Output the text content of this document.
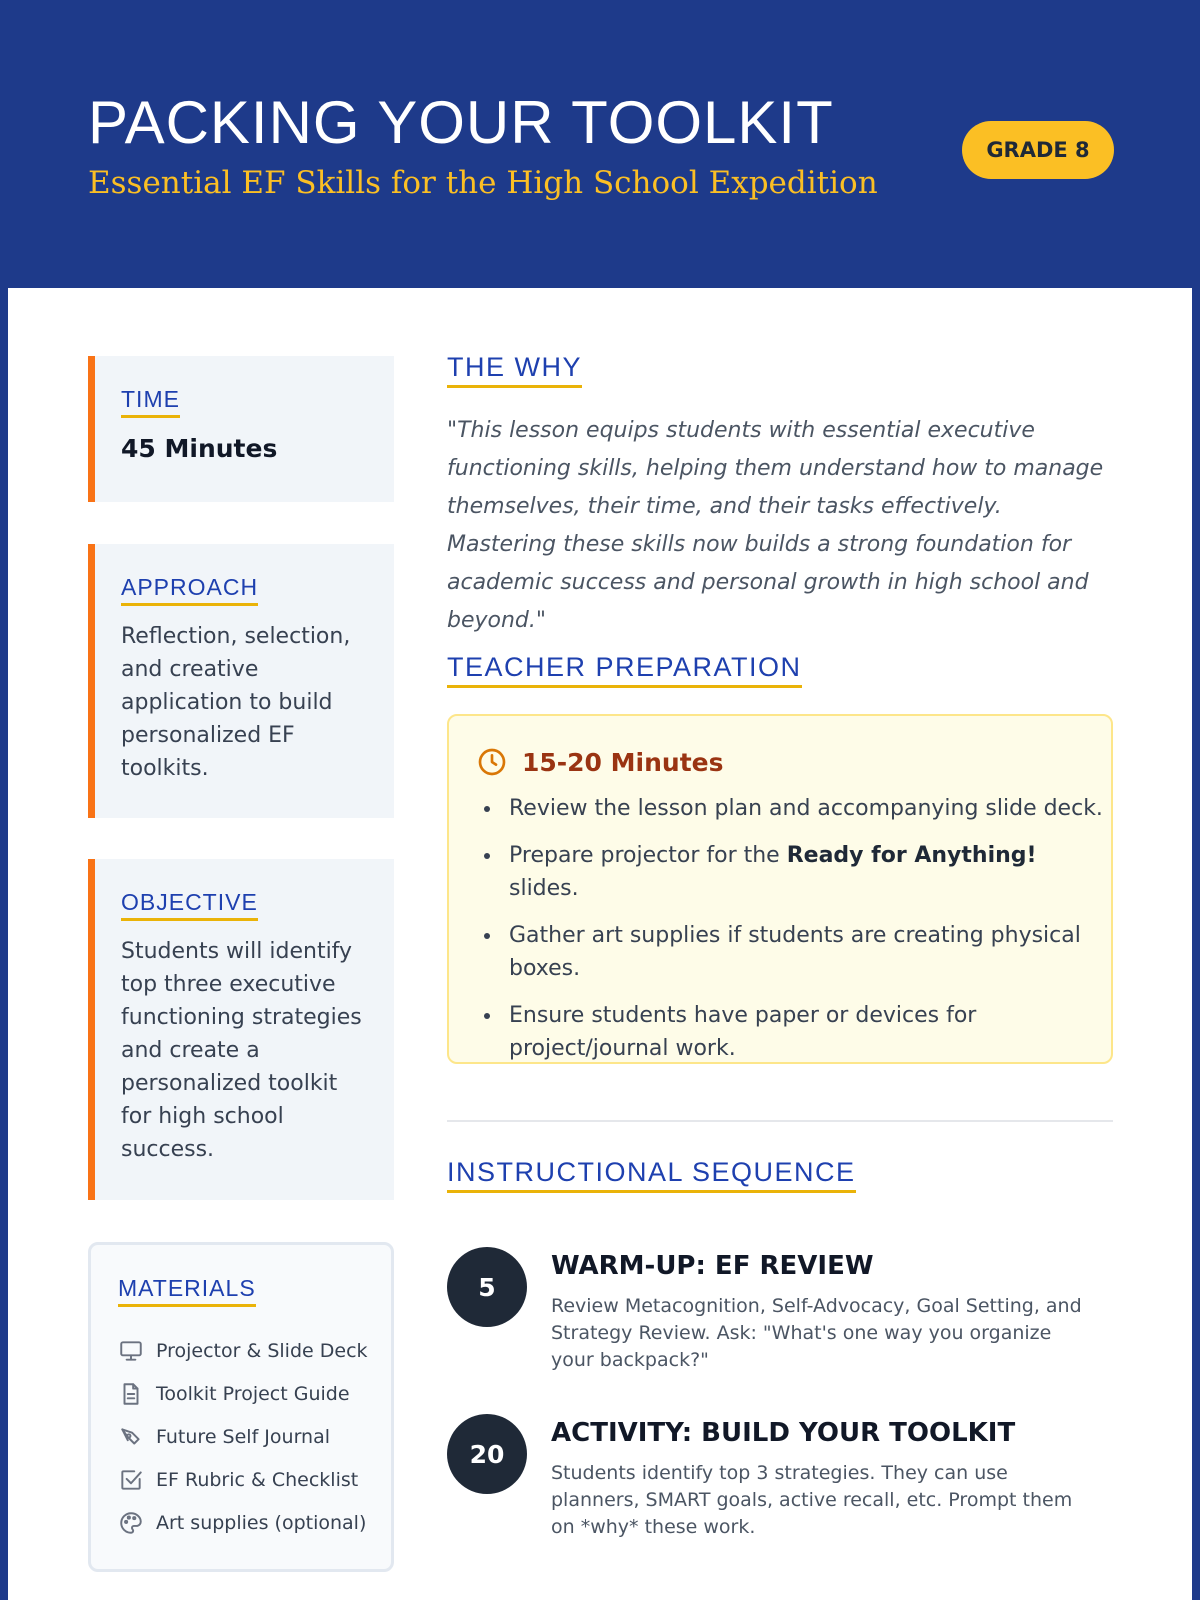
PACKING YOUR TOOLKIT
Essential EF Skills for the High School Expedition
GRADE 8
TIME
45 Minutes
APPROACH
Reflection, selection, and creative application to build personalized EF toolkits.
OBJECTIVE
Students will identify top three executive functioning strategies and create a personalized toolkit for high school success.
MATERIALS
Projector & Slide Deck
Toolkit Project Guide
Future Self Journal
EF Rubric & Checklist
Art supplies (optional)
THE WHY

"This lesson equips students with essential executive functioning skills, helping them understand how to manage themselves, their time, and their tasks effectively. Mastering these skills now builds a strong foundation for academic success and personal growth in high school and beyond."

TEACHER PREPARATION
15-20 Minutes
• Review the lesson plan and accompanying slide deck.
• Prepare projector for the Ready for Anything! slides.
• Gather art supplies if students are creating physical boxes.
• Ensure students have paper or devices for project/journal work.
INSTRUCTIONAL SEQUENCE
5
WARM-UP: EF REVIEW
Review Metacognition, Self-Advocacy, Goal Setting, and Strategy Review. Ask: "What's one way you organize your backpack?"
20
ACTIVITY: BUILD YOUR TOOLKIT
Students identify top 3 strategies. They can use planners, SMART goals, active recall, etc. Prompt them on *why* these work.
